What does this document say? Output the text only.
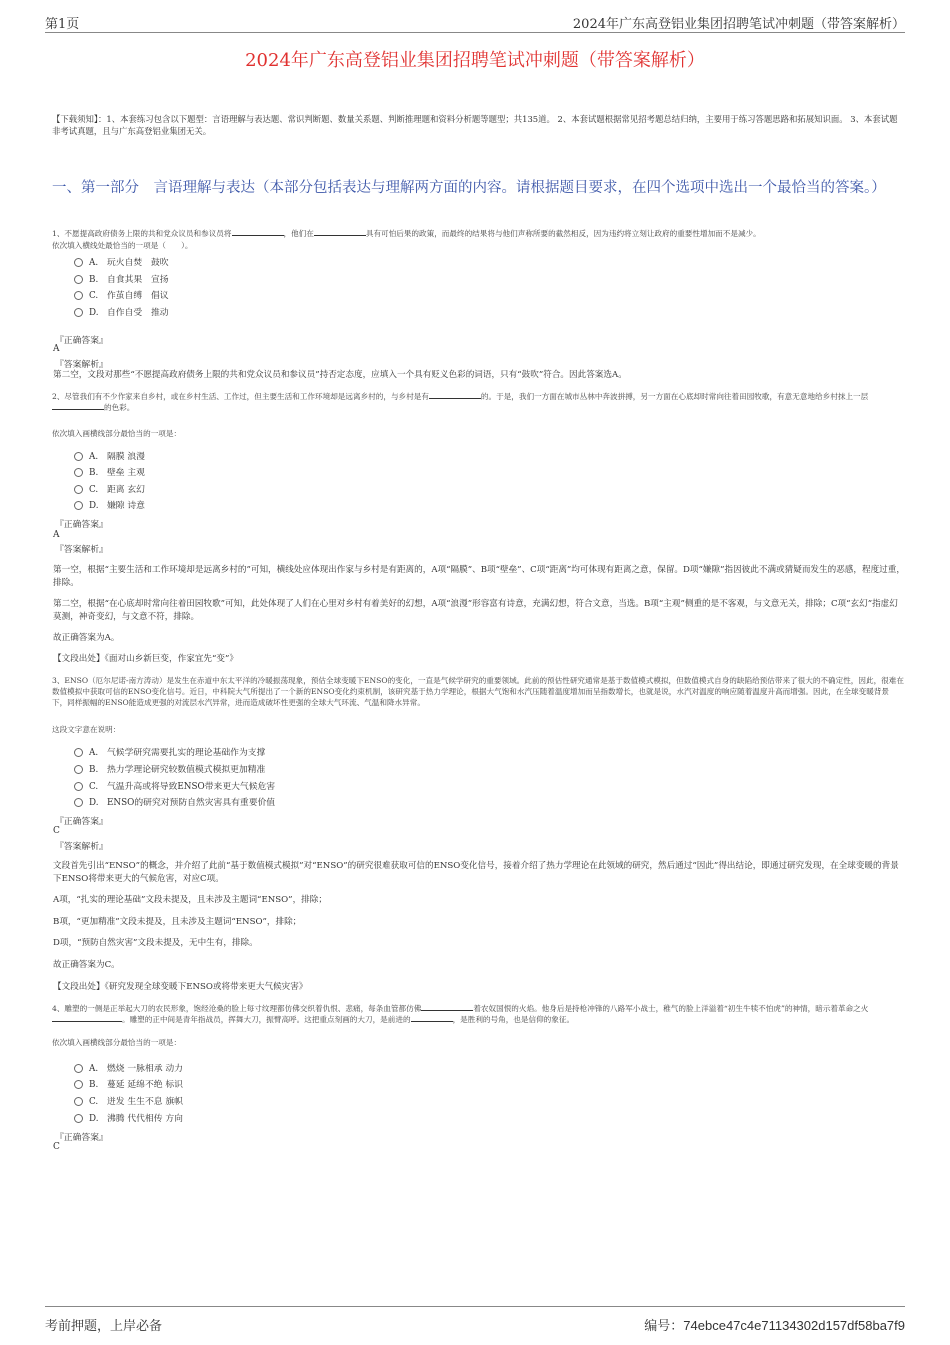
第1页	2024年广东高登铝业集团招聘笔试冲刺题（带答案解析）
2024年广东高登铝业集团招聘笔试冲刺题（带答案解析）
【下载须知】：1、本套练习包含以下题型：言语理解与表达题、常识判断题、数量关系题、判断推理题和资料分析题等题型；共135道。 2、本套试题根据常见招考题总结归纳，主要用于练习答题思路和拓展知识面。 3、本套试题非考试真题，且与广东高登铝业集团无关。
一、第一部分　言语理解与表达（本部分包括表达与理解两方面的内容。请根据题目要求，在四个选项中选出一个最恰当的答案。）
1、不愿提高政府债务上限的共和党众议员和参议员将	，他们在	具有可怕后果的政策，而最终的结果将与他们声称所要的截然相反，因为违约将立刻让政府的重要性增加而不是减少。
依次填入横线处最恰当的一项是（　　）。
A. 玩火自焚　鼓吹
B. 自食其果　宣扬
C. 作茧自缚　倡议
D. 自作自受　推动
『正确答案』
A
『答案解析』
第二空，文段对那些“不愿提高政府债务上限的共和党众议员和参议员”持否定态度，应填入一个具有贬义色彩的词语，只有“鼓吹”符合。因此答案选A。
2、尽管我们有不少作家来自乡村，或在乡村生活、工作过，但主要生活和工作环境却是远离乡村的，与乡村是有	的。于是，我们一方面在城市丛林中奔波拼搏，另一方面在心底却时常向往着田园牧歌，有意无意地给乡村抹上一层的色彩。
依次填入画横线部分最恰当的一项是：
A. 隔膜 浪漫
B. 壁垒 主观
C. 距离 玄幻
D. 嫌隙 诗意
『正确答案』
A
『答案解析』
第一空，根据“主要生活和工作环境却是远离乡村的”可知，横线处应体现出作家与乡村是有距离的，A项“隔膜”、B项“壁垒”、C项“距离”均可体现有距离之意，保留。D项“嫌隙”指因彼此不满或猜疑而发生的恶感，程度过重，排除。
第二空，根据“在心底却时常向往着田园牧歌”可知，此处体现了人们在心里对乡村有着美好的幻想，A项“浪漫”形容富有诗意，充满幻想，符合文意，当选。B项“主观”侧重的是不客观，与文意无关，排除；C项“玄幻”指虚幻莫测，神奇变幻，与文意不符，排除。
故正确答案为A。
【文段出处】《面对山乡新巨变，作家宜先“变”》
3、ENSO（厄尔尼诺-南方涛动）是发生在赤道中东太平洋的冷暖振荡现象，预估全球变暖下ENSO的变化，一直是气候学研究的重要领域。此前的预估性研究通常是基于数值模式模拟，但数值模式自身的缺陷给预估带来了很大的不确定性，因此，很难在数值模拟中获取可信的ENSO变化信号。近日，中科院大气所提出了一个新的ENSO变化约束机制，该研究基于热力学理论，根据大气饱和水汽压随着温度增加而呈指数增长，也就是说，水汽对温度的响应随着温度升高而增强。因此，在全球变暖背景下，同样振幅的ENSO能造成更强的对流层水汽异常，进而造成破坏性更强的全球大气环流、气温和降水异常。
这段文字意在说明：
A. 气候学研究需要扎实的理论基础作为支撑
B. 热力学理论研究较数值模式模拟更加精准
C. 气温升高或将导致ENSO带来更大气候危害
D. ENSO的研究对预防自然灾害具有重要价值
『正确答案』
C
『答案解析』
文段首先引出“ENSO”的概念，并介绍了此前“基于数值模式模拟”对“ENSO”的研究很难获取可信的ENSO变化信号，接着介绍了热力学理论在此领域的研究，然后通过“因此”得出结论，即通过研究发现，在全球变暖的背景下ENSO将带来更大的气候危害，对应C项。
A项，“扎实的理论基础”文段未提及，且未涉及主题词“ENSO”，排除；
B项，“更加精准”文段未提及，且未涉及主题词“ENSO”，排除；
D项，“预防自然灾害”文段未提及，无中生有，排除。
故正确答案为C。
【文段出处】《研究发现全球变暖下ENSO或将带来更大气候灾害》
4、雕塑的一侧是正举起大刀的农民形象，饱经沧桑的脸上每寸纹理都仿佛交织着仇恨、悲痛，每条血管都仿佛	着农奴国恨的火焰。他身后是持枪冲锋的八路军小战士，稚气的脸上洋溢着“初生牛犊不怕虎”的神情，暗示着革命之火。雕塑的正中间是青年指战员，挥舞大刀，振臂高呼。这把重点刻画的大刀，是前进的	，是胜利的号角，也是信仰的象征。
依次填入画横线部分最恰当的一项是：
A. 燃烧 一脉相承 动力
B. 蔓延 延绵不绝 标识
C. 迸发 生生不息 旗帜
D. 沸腾 代代相传 方向
『正确答案』
C
考前押题，上岸必备	编号：74ebce47c4e71134302d157df58ba7f9
